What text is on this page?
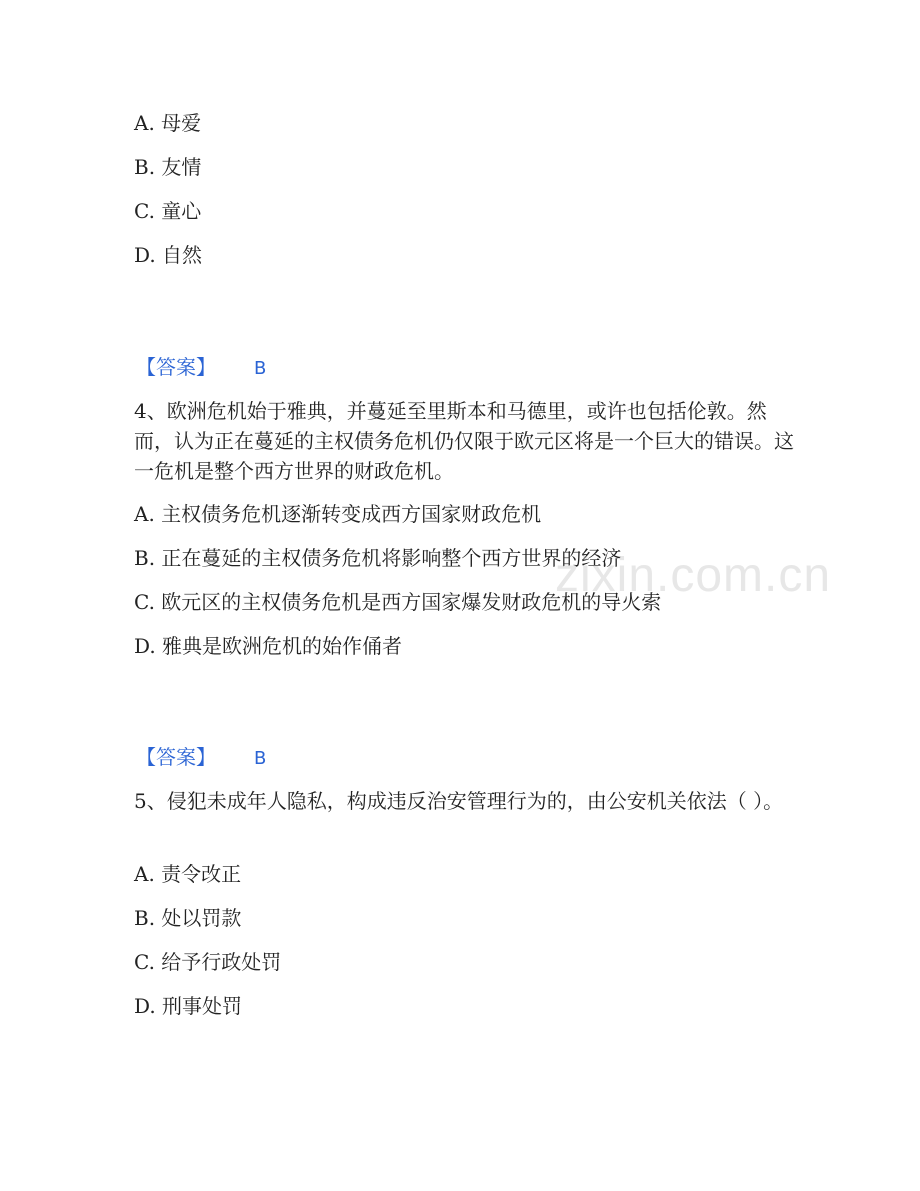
A. 母爱
B. 友情
C. 童心
D. 自然
【答案】 B
4、欧洲危机始于雅典，并蔓延至里斯本和马德里，或许也包括伦敦。然而，认为正在蔓延的主权债务危机仍仅限于欧元区将是一个巨大的错误。这一危机是整个西方世界的财政危机。
A. 主权债务危机逐渐转变成西方国家财政危机
B. 正在蔓延的主权债务危机将影响整个西方世界的经济
C. 欧元区的主权债务危机是西方国家爆发财政危机的导火索
D. 雅典是欧洲危机的始作俑者
【答案】 B
5、侵犯未成年人隐私，构成违反治安管理行为的，由公安机关依法（ ）。
A. 责令改正
B. 处以罚款
C. 给予行政处罚
D. 刑事处罚
zixin.com.cn
